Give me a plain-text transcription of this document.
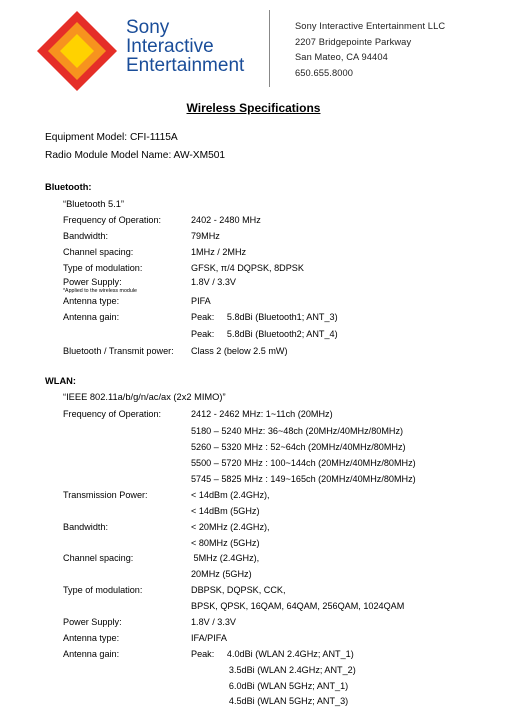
Sony
Interactive
Entertainment
Sony Interactive Entertainment LLC
2207 Bridgepointe Parkway
San Mateo, CA 94404
650.655.8000
Wireless Specifications
Equipment Model: CFI-1115A
Radio Module Model Name: AW-XM501
Bluetooth:
“Bluetooth 5.1”
Frequency of Operation:	2402 - 2480 MHz
Bandwidth:	79MHz
Channel spacing:	1MHz / 2MHz
Type of modulation:	GFSK, π/4 DQPSK, 8DPSK
Power Supply:	1.8V / 3.3V
*Applied to the wireless module
Antenna type:	PIFA
Antenna gain:	Peak:     5.8dBi (Bluetooth1; ANT_3)
Peak:     5.8dBi (Bluetooth2; ANT_4)
Bluetooth / Transmit power: Class 2 (below 2.5 mW)
WLAN:
“IEEE 802.11a/b/g/n/ac/ax (2x2 MIMO)”
Frequency of Operation:	2412 - 2462 MHz: 1~11ch (20MHz)
5180 – 5240 MHz: 36~48ch (20MHz/40MHz/80MHz)
5260 – 5320 MHz : 52~64ch (20MHz/40MHz/80MHz)
5500 – 5720 MHz : 100~144ch (20MHz/40MHz/80MHz)
5745 – 5825 MHz : 149~165ch (20MHz/40MHz/80MHz)
Transmission Power:	< 14dBm (2.4GHz),
< 14dBm (5GHz)
Bandwidth:	< 20MHz (2.4GHz),
< 80MHz (5GHz)
Channel spacing:	5MHz (2.4GHz),
20MHz (5GHz)
Type of modulation:	DBPSK, DQPSK, CCK,
BPSK, QPSK, 16QAM, 64QAM, 256QAM, 1024QAM
Power Supply:	1.8V / 3.3V
Antenna type:	IFA/PIFA
Antenna gain:	Peak:     4.0dBi (WLAN 2.4GHz; ANT_1)
3.5dBi (WLAN 2.4GHz; ANT_2)
6.0dBi (WLAN 5GHz; ANT_1)
4.5dBi (WLAN 5GHz; ANT_3)
